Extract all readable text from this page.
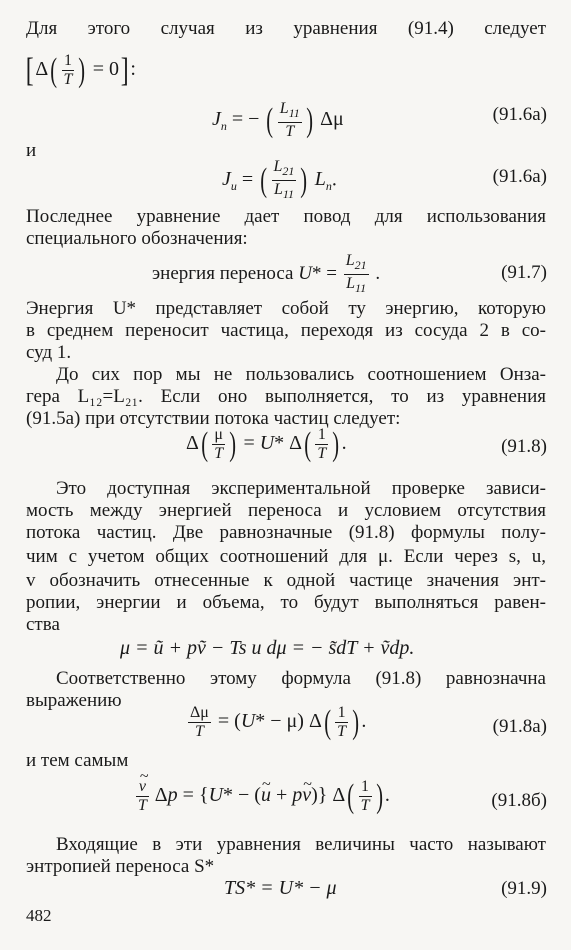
Для этого случая из уравнения (91.4) следует
[$\Delta( \frac{1}{T}$ ) = 0]:
$J_n$ = − ( $\frac{L_{11}}{T}$ ) Δμ	(91.6а)
и
$J_u$ = ( $\frac{L_{21}}{L_{11}}$ ) $L_n$.	(91.6а)
Последнее уравнение дает повод для использования
специального обозначения:
энергия переноса $U* = \frac{L_{21}}{L_{11}}$ .	(91.7)
Энергия U* представляет собой ту энергию, которую
в среднем переносит частица, переходя из сосуда 2 в со-
суд 1.
До сих пор мы не пользовались соотношением Онза-
гера L₁₂=L₂₁. Если оно выполняется, то из уравнения
(91.5а) при отсутствии потока частиц следует:
$\Delta( \frac{\mu}{T}$ ) = U* $\Delta( \frac{1}{T}$ ) .	(91.8)
Это доступная экспериментальной проверке зависи-
мость между энергией переноса и условием отсутствия
потока частиц. Две равнозначные (91.8) формулы полу-
чим с учетом общих соотношений для μ. Если через s, u,
v обозначить отнесенные к одной частице значения энт-
ропии, энергии и объема, то будут выполняться равен-
ства
μ = ũ + pṽ − Ts и dμ = − s̃dT + ṽdp.
Соответственно этому формула (91.8) равнозначна
выражению
$\frac{\Delta\mu}{T} = (U* - \mu)$ $\Delta( \frac{1}{T}$ ) .	(91.8а)
и тем самым
~ $\frac{v}{T}$ Δp = {U* − (~ u + p~ v)} $\Delta( \frac{1}{T}$ ) .	(91.8б)
Входящие в эти уравнения величины часто называют
энтропией переноса S*
TS* = U* − μ	(91.9)
482
